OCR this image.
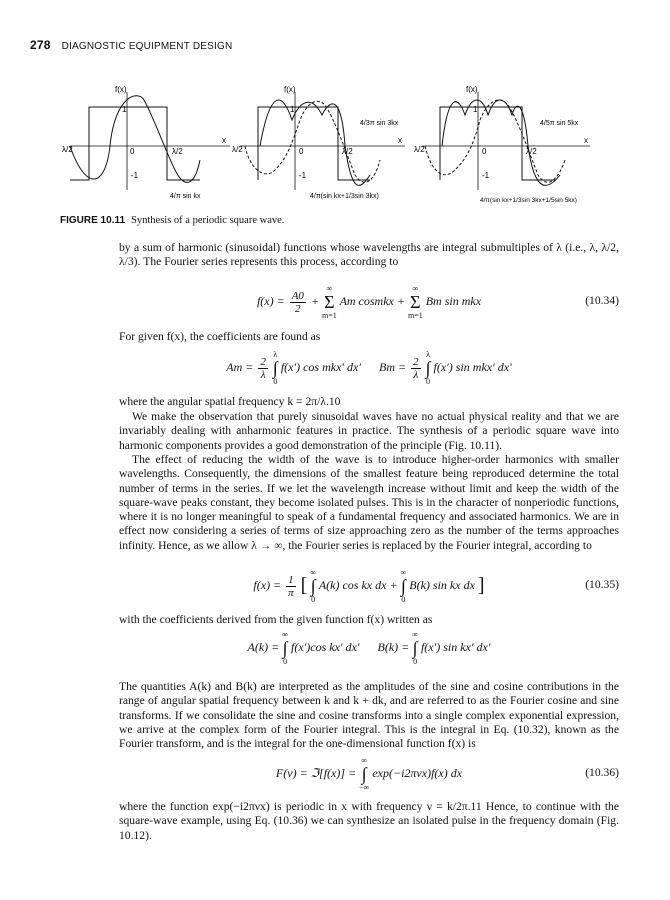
278 DIAGNOSTIC EQUIPMENT DESIGN
f(x)
λ/2	0	λ/2
x
1
-1
4/π sin kx
f(x)
λ/2	0	λ/2
x
1
-1
4/3π sin 3kx
4/π(sin kx+1/3sin 3kx)
f(x)
λ/2	0	λ/2
x
1
-1
4/5π sin 5kx
4/π(sin kx+1/3sin 3kx+1/5sin 5kx)
FIGURE 10.11 Synthesis of a periodic square wave.

by a sum of harmonic (sinusoidal) functions whose wavelengths are integral submultiples of λ (i.e., λ, λ/2, λ/3). The Fourier series represents this process, according to

$f(x) = \frac{A0}{2}$ + ∞
Σ
m=1 Am cosmkx + ∞
Σ
m=1 Bm sin mkx	(10.34)

For given f(x), the coefficients are found as

$Am = \frac{2}{\lambda}$
λ
∫
0 f(x′) cos mkx′ dx′ $Bm = \frac{2}{\lambda}$
λ
∫
0 f(x′) sin mkx′ dx′

where the angular spatial frequency k = 2π/λ.10

We make the observation that purely sinusoidal waves have no actual physical reality and that we are invariably dealing with anharmonic features in practice. The synthesis of a periodic square wave into harmonic components provides a good demonstration of the principle (Fig. 10.11).

The effect of reducing the width of the wave is to introduce higher-order harmonics with smaller wavelengths. Consequently, the dimensions of the smallest feature being reproduced determine the total number of terms in the series. If we let the wavelength increase without limit and keep the width of the square-wave peaks constant, they become isolated pulses. This is in the character of nonperiodic functions, where it is no longer meaningful to speak of a fundamental frequency and associated harmonics. We are in effect now considering a series of terms of size approaching zero as the number of the terms approaches infinity. Hence, as we allow λ → ∞, the Fourier series is replaced by the Fourier integral, according to

$f(x) = \frac{1}{\pi}$ [ ∞
∫
0 A(k) cos kx dx + ∞
∫
0 B(k) sin kx dx ]	(10.35)

with the coefficients derived from the given function f(x) written as

A(k) = ∞
∫
0 f(x′)cos kx′ dx′ B(k) = ∞
∫
0 f(x′) sin kx′ dx′

The quantities A(k) and B(k) are interpreted as the amplitudes of the sine and cosine contributions in the range of angular spatial frequency between k and k + dk, and are referred to as the Fourier cosine and sine transforms. If we consolidate the sine and cosine transforms into a single complex exponential expression, we arrive at the complex form of the Fourier integral. This is the integral in Eq. (10.32), known as the Fourier transform, and is the integral for the one-dimensional function f(x) is

F(ν) = ℑ[f(x)] = ∞
∫
−∞ exp(−i2πνx)f(x) dx	(10.36)

where the function exp(−i2πνx) is periodic in x with frequency ν = k/2π.11 Hence, to continue with the square-wave example, using Eq. (10.36) we can synthesize an isolated pulse in the frequency domain (Fig. 10.12).
